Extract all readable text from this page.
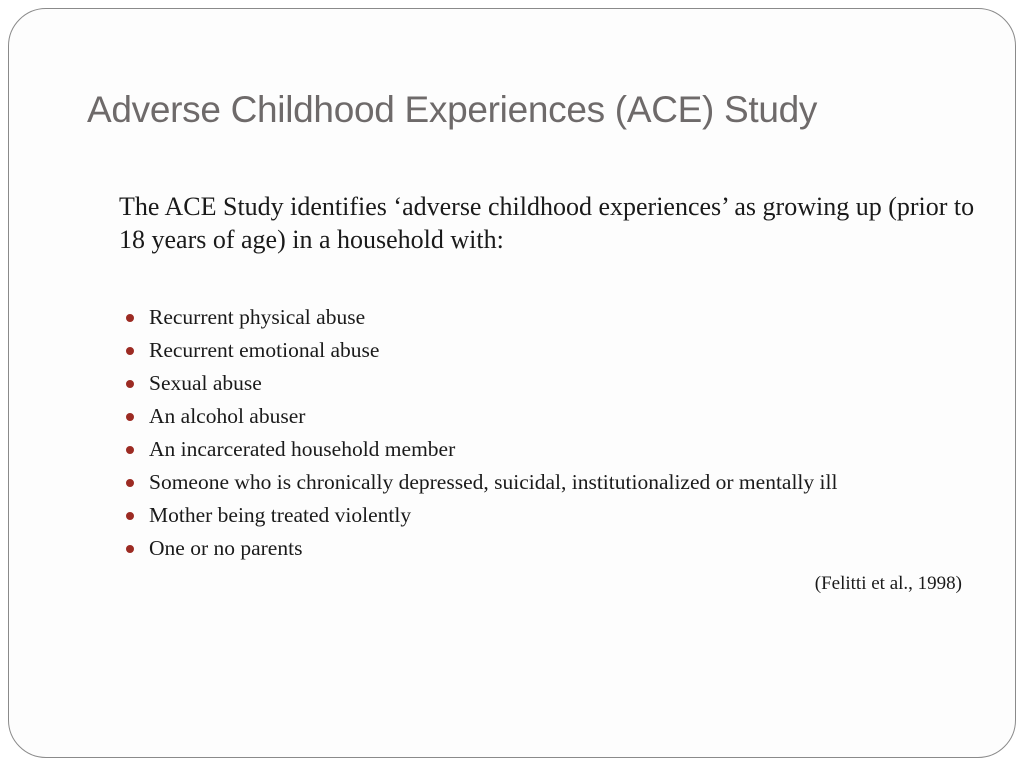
Adverse Childhood Experiences (ACE) Study

The ACE Study identifies ‘adverse childhood experiences’ as growing up (prior to 18 years of age) in a household with:

Recurrent physical abuse
Recurrent emotional abuse
Sexual abuse
An alcohol abuser
An incarcerated household member
Someone who is chronically depressed, suicidal, institutionalized or mentally ill
Mother being treated violently
One or no parents

(Felitti et al., 1998)
